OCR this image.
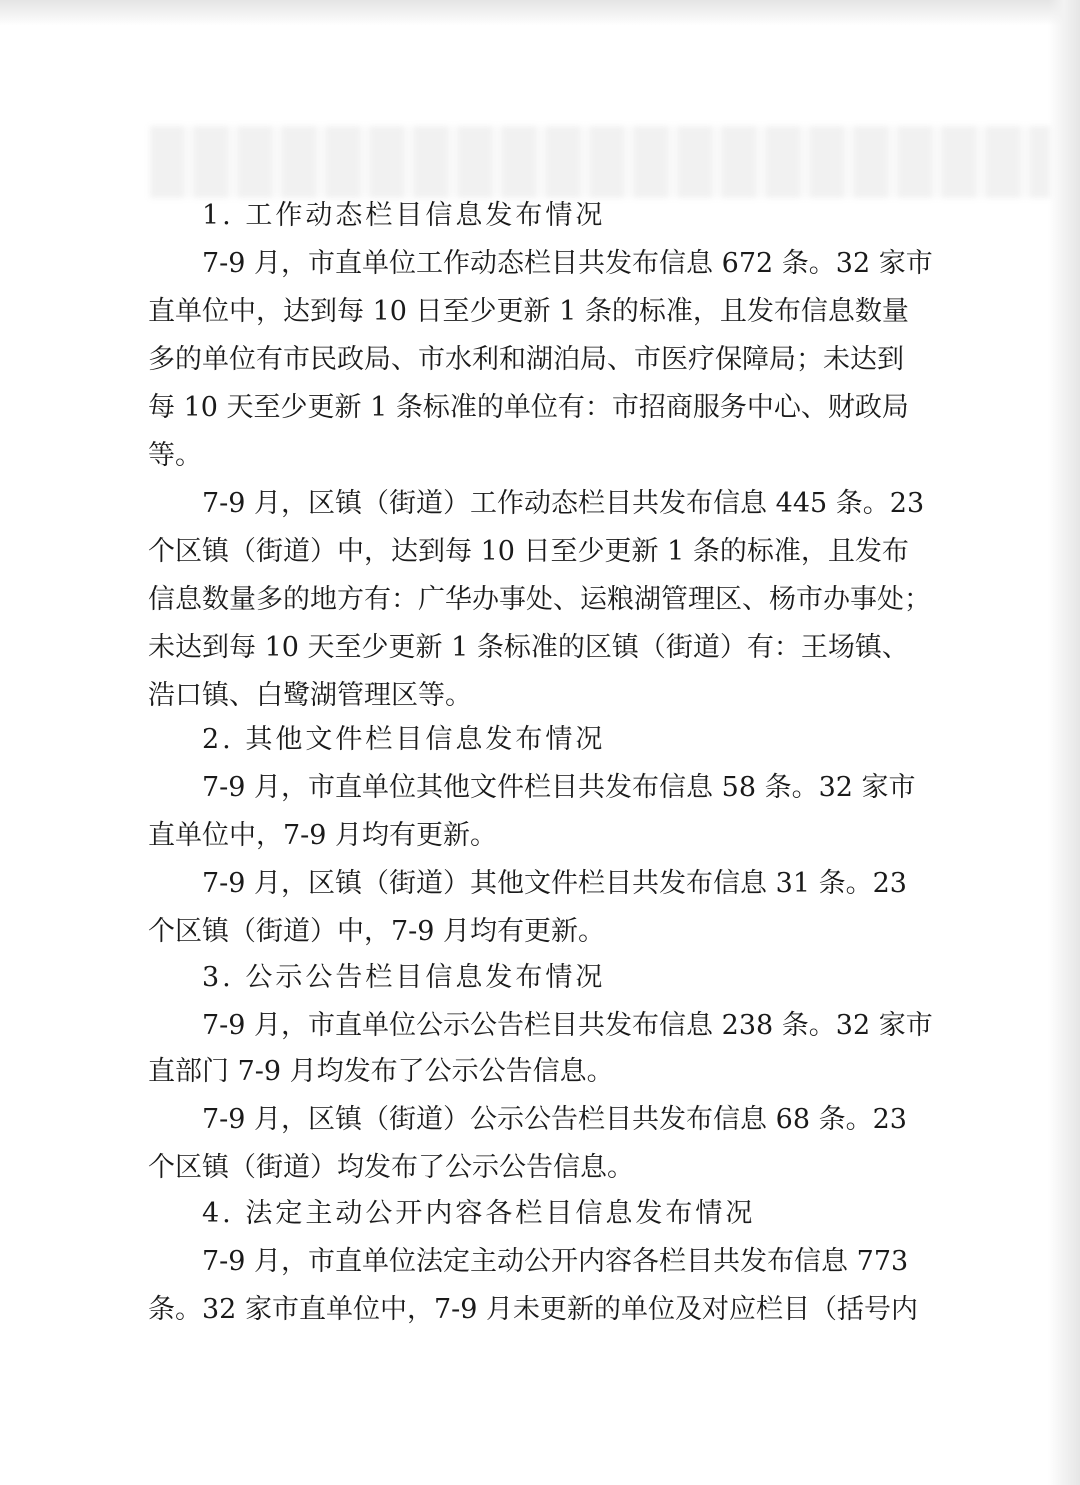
1. 工作动态栏目信息发布情况
7-9 月，市直单位工作动态栏目共发布信息 672 条。32 家市
直单位中，达到每 10 日至少更新 1 条的标准，且发布信息数量
多的单位有市民政局、市水利和湖泊局、市医疗保障局；未达到
每 10 天至少更新 1 条标准的单位有：市招商服务中心、财政局
等。
7-9 月，区镇（街道）工作动态栏目共发布信息 445 条。23
个区镇（街道）中，达到每 10 日至少更新 1 条的标准，且发布
信息数量多的地方有：广华办事处、运粮湖管理区、杨市办事处；
未达到每 10 天至少更新 1 条标准的区镇（街道）有：王场镇、
浩口镇、白鹭湖管理区等。
2. 其他文件栏目信息发布情况
7-9 月，市直单位其他文件栏目共发布信息 58 条。32 家市
直单位中，7-9 月均有更新。
7-9 月，区镇（街道）其他文件栏目共发布信息 31 条。23
个区镇（街道）中，7-9 月均有更新。
3. 公示公告栏目信息发布情况
7-9 月，市直单位公示公告栏目共发布信息 238 条。32 家市
直部门 7-9 月均发布了公示公告信息。
7-9 月，区镇（街道）公示公告栏目共发布信息 68 条。23
个区镇（街道）均发布了公示公告信息。
4. 法定主动公开内容各栏目信息发布情况
7-9 月，市直单位法定主动公开内容各栏目共发布信息 773
条。32 家市直单位中，7-9 月未更新的单位及对应栏目（括号内
